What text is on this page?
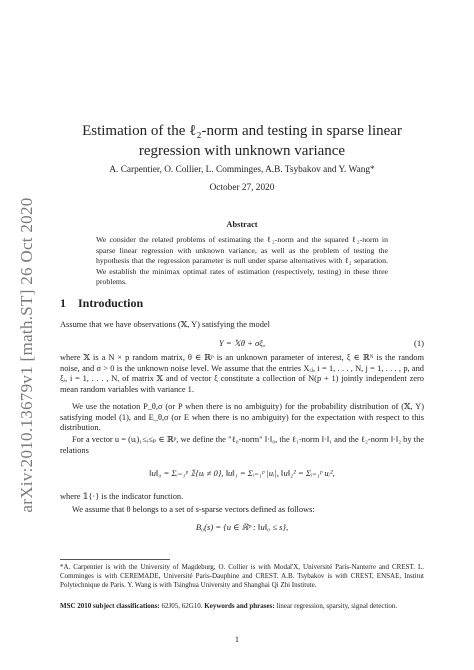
arXiv:2010.13679v1 [math.ST] 26 Oct 2020
Estimation of the ℓ₂-norm and testing in sparse linear
regression with unknown variance
A. Carpentier, O. Collier, L. Comminges, A.B. Tsybakov and Y. Wang*
October 27, 2020
Abstract
We consider the related problems of estimating the ℓ₂-norm and the squared ℓ₂-norm in sparse linear regression with unknown variance, as well as the problem of testing the hypothesis that the regression parameter is null under sparse alternatives with ℓ₂ separation. We establish the minimax optimal rates of estimation (respectively, testing) in these three problems.
1 Introduction
Assume that we have observations (𝕏, Y) satisfying the model
Y = 𝕏θ + σξ,	(1)
where 𝕏 is a N × p random matrix, θ ∈ ℝᵖ is an unknown parameter of interest, ξ ∈ ℝᴺ is the random noise, and σ > 0 is the unknown noise level. We assume that the entries Xᵢⱼ, i = 1, . . . , N, j = 1, . . . , p, and ξᵢ, i = 1, . . . , N, of matrix 𝕏 and of vector ξ constitute a collection of N(p + 1) jointly independent zero mean random variables with variance 1.
We use the notation P_θ,σ (or P when there is no ambiguity) for the probability distribution of (𝕏, Y) satisfying model (1), and E_θ,σ (or E when there is no ambiguity) for the expectation with respect to this distribution.
For a vector u = (uᵢ)₁≤ᵢ≤ₚ ∈ ℝᵖ, we define the "ℓ₀-norm" ‖·‖₀, the ℓ₁-norm ‖·‖₁ and the ℓ₂-norm ‖·‖₂ by the relations
‖u‖₀ = Σᵢ₌₁ᵖ 𝟙{uᵢ ≠ 0}, ‖u‖₁ = Σᵢ₌₁ᵖ |uᵢ|, ‖u‖₂² = Σᵢ₌₁ᵖ uᵢ²,
where 𝟙{·} is the indicator function.
We assume that θ belongs to a set of s-sparse vectors defined as follows:
B₀(s) = {u ∈ ℝᵖ : ‖u‖₀ ≤ s},
*A. Carpentier is with the University of Magdeburg, O. Collier is with Modal'X, Université Paris-Nanterre and CREST. L. Comminges is with CEREMADE, Université Paris-Dauphine and CREST. A.B. Tsybakov is with CREST, ENSAE, Institut Polytechnique de Paris. Y. Wang is with Tsinghua University and Shanghai Qi Zhi Institute.
MSC 2010 subject classifications: 62J05, 62G10. Keywords and phrases: linear regression, sparsity, signal detection.
1
